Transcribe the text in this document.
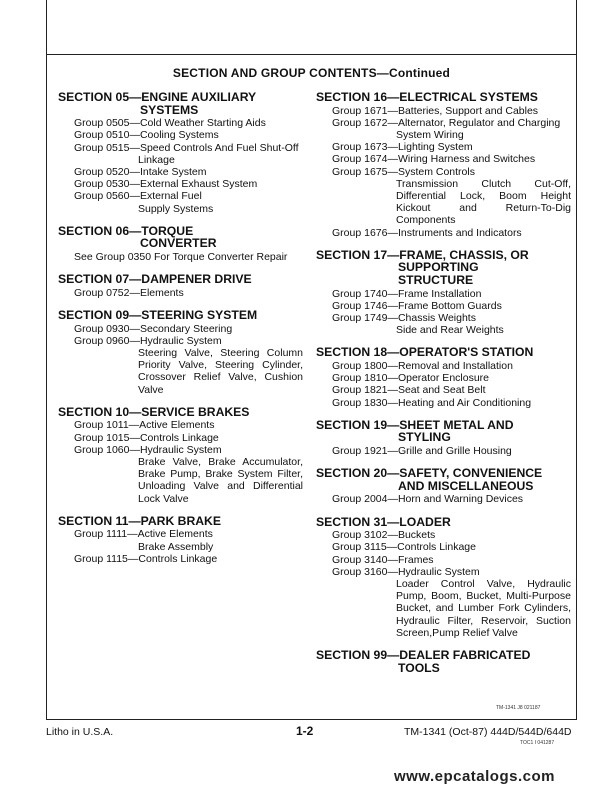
SECTION AND GROUP CONTENTS—Continued
SECTION 05—ENGINE AUXILIARY
SYSTEMS
Group 0505—Cold Weather Starting Aids
Group 0510—Cooling Systems
Group 0515—Speed Controls And Fuel Shut-Off
Linkage
Group 0520—Intake System
Group 0530—External Exhaust System
Group 0560—External Fuel
Supply Systems
SECTION 06—TORQUE
CONVERTER
See Group 0350 For Torque Converter Repair
SECTION 07—DAMPENER DRIVE
Group 0752—Elements
SECTION 09—STEERING SYSTEM
Group 0930—Secondary Steering
Group 0960—Hydraulic System
Steering Valve, Steering Column Priority Valve, Steering Cylinder, Crossover Relief Valve, Cushion Valve
SECTION 10—SERVICE BRAKES
Group 1011—Active Elements
Group 1015—Controls Linkage
Group 1060—Hydraulic System
Brake Valve, Brake Accumulator, Brake Pump, Brake System Filter, Unloading Valve and Differential Lock Valve
SECTION 11—PARK BRAKE
Group 1111—Active Elements
Brake Assembly
Group 1115—Controls Linkage
SECTION 16—ELECTRICAL SYSTEMS
Group 1671—Batteries, Support and Cables
Group 1672—Alternator, Regulator and Charging
System Wiring
Group 1673—Lighting System
Group 1674—Wiring Harness and Switches
Group 1675—System Controls
Transmission Clutch Cut-Off, Differential Lock, Boom Height Kickout and Return-To-Dig Components
Group 1676—Instruments and Indicators
SECTION 17—FRAME, CHASSIS, OR
SUPPORTING
STRUCTURE
Group 1740—Frame Installation
Group 1746—Frame Bottom Guards
Group 1749—Chassis Weights
Side and Rear Weights
SECTION 18—OPERATOR'S STATION
Group 1800—Removal and Installation
Group 1810—Operator Enclosure
Group 1821—Seat and Seat Belt
Group 1830—Heating and Air Conditioning
SECTION 19—SHEET METAL AND
STYLING
Group 1921—Grille and Grille Housing
SECTION 20—SAFETY, CONVENIENCE
AND MISCELLANEOUS
Group 2004—Horn and Warning Devices
SECTION 31—LOADER
Group 3102—Buckets
Group 3115—Controls Linkage
Group 3140—Frames
Group 3160—Hydraulic System
Loader Control Valve, Hydraulic Pump, Boom, Bucket, Multi-Purpose Bucket, and Lumber Fork Cylinders, Hydraulic Filter, Reservoir, Suction Screen,Pump Relief Valve
SECTION 99—DEALER FABRICATED
TOOLS
TM-1341 J8 021187
Litho in U.S.A.	1-2	TM-1341 (Oct-87) 444D/544D/644D
TOC1 I 041287
www.epcatalogs.com
